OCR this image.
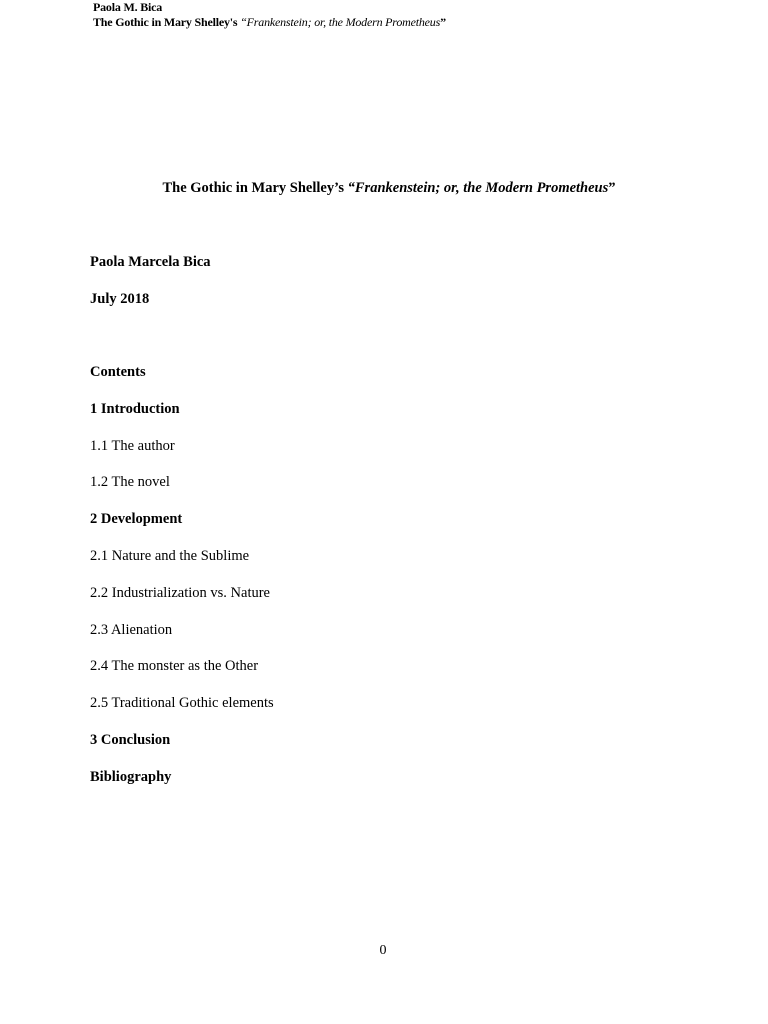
Paola M. Bica
The Gothic in Mary Shelley's “Frankenstein; or, the Modern Prometheus”
The Gothic in Mary Shelley’s “Frankenstein; or, the Modern Prometheus”
Paola Marcela Bica
July 2018
Contents
1 Introduction
1.1 The author
1.2 The novel
2 Development
2.1 Nature and the Sublime
2.2 Industrialization vs. Nature
2.3 Alienation
2.4 The monster as the Other
2.5 Traditional Gothic elements
3 Conclusion
Bibliography
0
